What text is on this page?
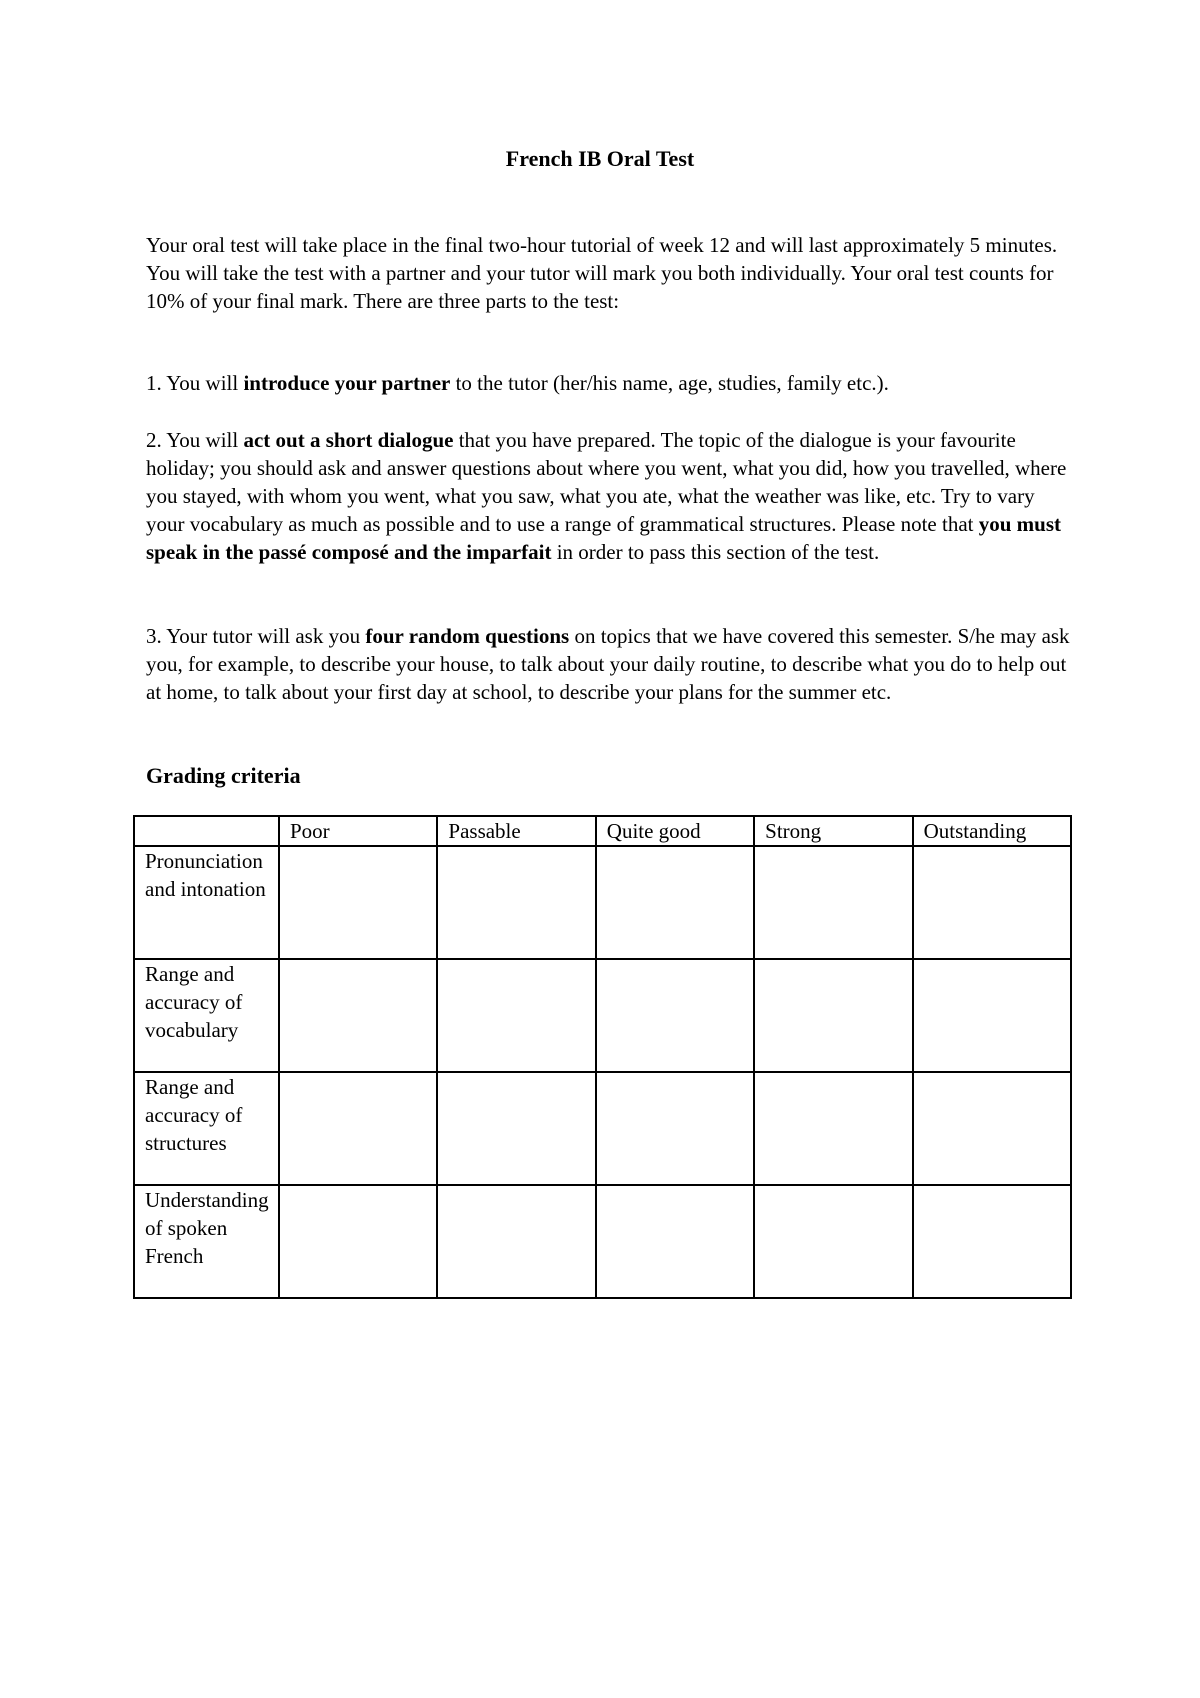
French IB Oral Test
Your oral test will take place in the final two-hour tutorial of week 12 and will last approximately 5 minutes. You will take the test with a partner and your tutor will mark you both individually. Your oral test counts for 10% of your final mark. There are three parts to the test:
1. You will introduce your partner to the tutor (her/his name, age, studies, family etc.).
2. You will act out a short dialogue that you have prepared. The topic of the dialogue is your favourite holiday; you should ask and answer questions about where you went, what you did, how you travelled, where you stayed, with whom you went, what you saw, what you ate, what the weather was like, etc. Try to vary your vocabulary as much as possible and to use a range of grammatical structures. Please note that you must speak in the passé composé and the imparfait in order to pass this section of the test.
3. Your tutor will ask you four random questions on topics that we have covered this semester. S/he may ask you, for example, to describe your house, to talk about your daily routine, to describe what you do to help out at home, to talk about your first day at school, to describe your plans for the summer etc.
Grading criteria
	Poor	Passable	Quite good	Strong	Outstanding
Pronunciation and intonation					
Range and accuracy of vocabulary					
Range and accuracy of structures					
Understanding of spoken French					
